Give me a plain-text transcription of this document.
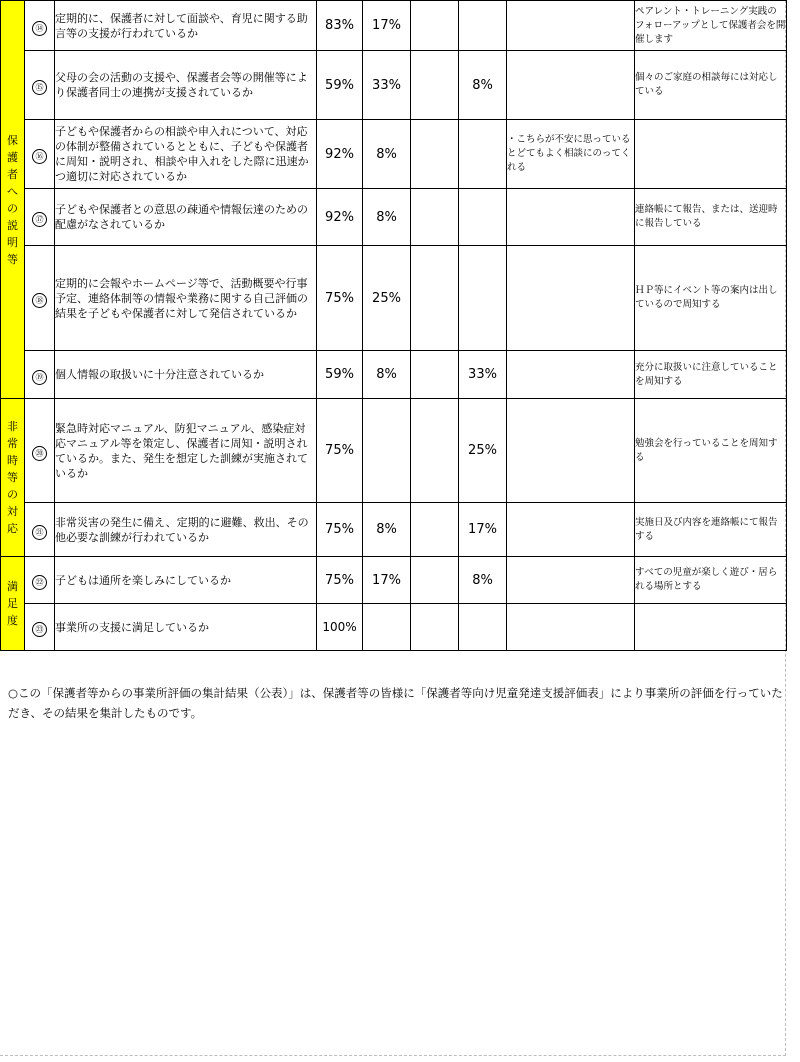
保護者への説明等	⑭	定期的に、保護者に対して面談や、育児に関する助言等の支援が行われているか	83%	17%				ペアレント・トレーニング実践のフォローアップとして保護者会を開催します
	⑮	父母の会の活動の支援や、保護者会等の開催等により保護者同士の連携が支援されているか	59%	33%		8%		個々のご家庭の相談毎には対応している
	⑯	子どもや保護者からの相談や申入れについて、対応の体制が整備されているとともに、子どもや保護者に周知・説明され、相談や申入れをした際に迅速かつ適切に対応されているか	92%	8%			・こちらが不安に思っているとどてもよく相談にのってくれる	
	⑰	子どもや保護者との意思の疎通や情報伝達のための配慮がなされているか	92%	8%				連絡帳にて報告、または、送迎時に報告している
	⑱	定期的に会報やホームページ等で、活動概要や行事予定、連絡体制等の情報や業務に関する自己評価の結果を子どもや保護者に対して発信されているか	75%	25%				ＨＰ等にイベント等の案内は出しているので周知する
	⑲	個人情報の取扱いに十分注意されているか	59%	8%		33%		充分に取扱いに注意していることを周知する
非常時等の対応	⑳	緊急時対応マニュアル、防犯マニュアル、感染症対応マニュアル等を策定し、保護者に周知・説明されているか。また、発生を想定した訓練が実施されているか	75%			25%		勉強会を行っていることを周知する
	㉑	非常災害の発生に備え、定期的に避難、救出、その他必要な訓練が行われているか	75%	8%		17%		実施日及び内容を連絡帳にて報告する
満足度	㉒	子どもは通所を楽しみにしているか	75%	17%		8%		すべての児童が楽しく遊び・居られる場所とする
	㉓	事業所の支援に満足しているか	100%					
○この「保護者等からの事業所評価の集計結果（公表）」は、保護者等の皆様に「保護者等向け児童発達支援評価表」により事業所の評価を行っていただき、その結果を集計したものです。
